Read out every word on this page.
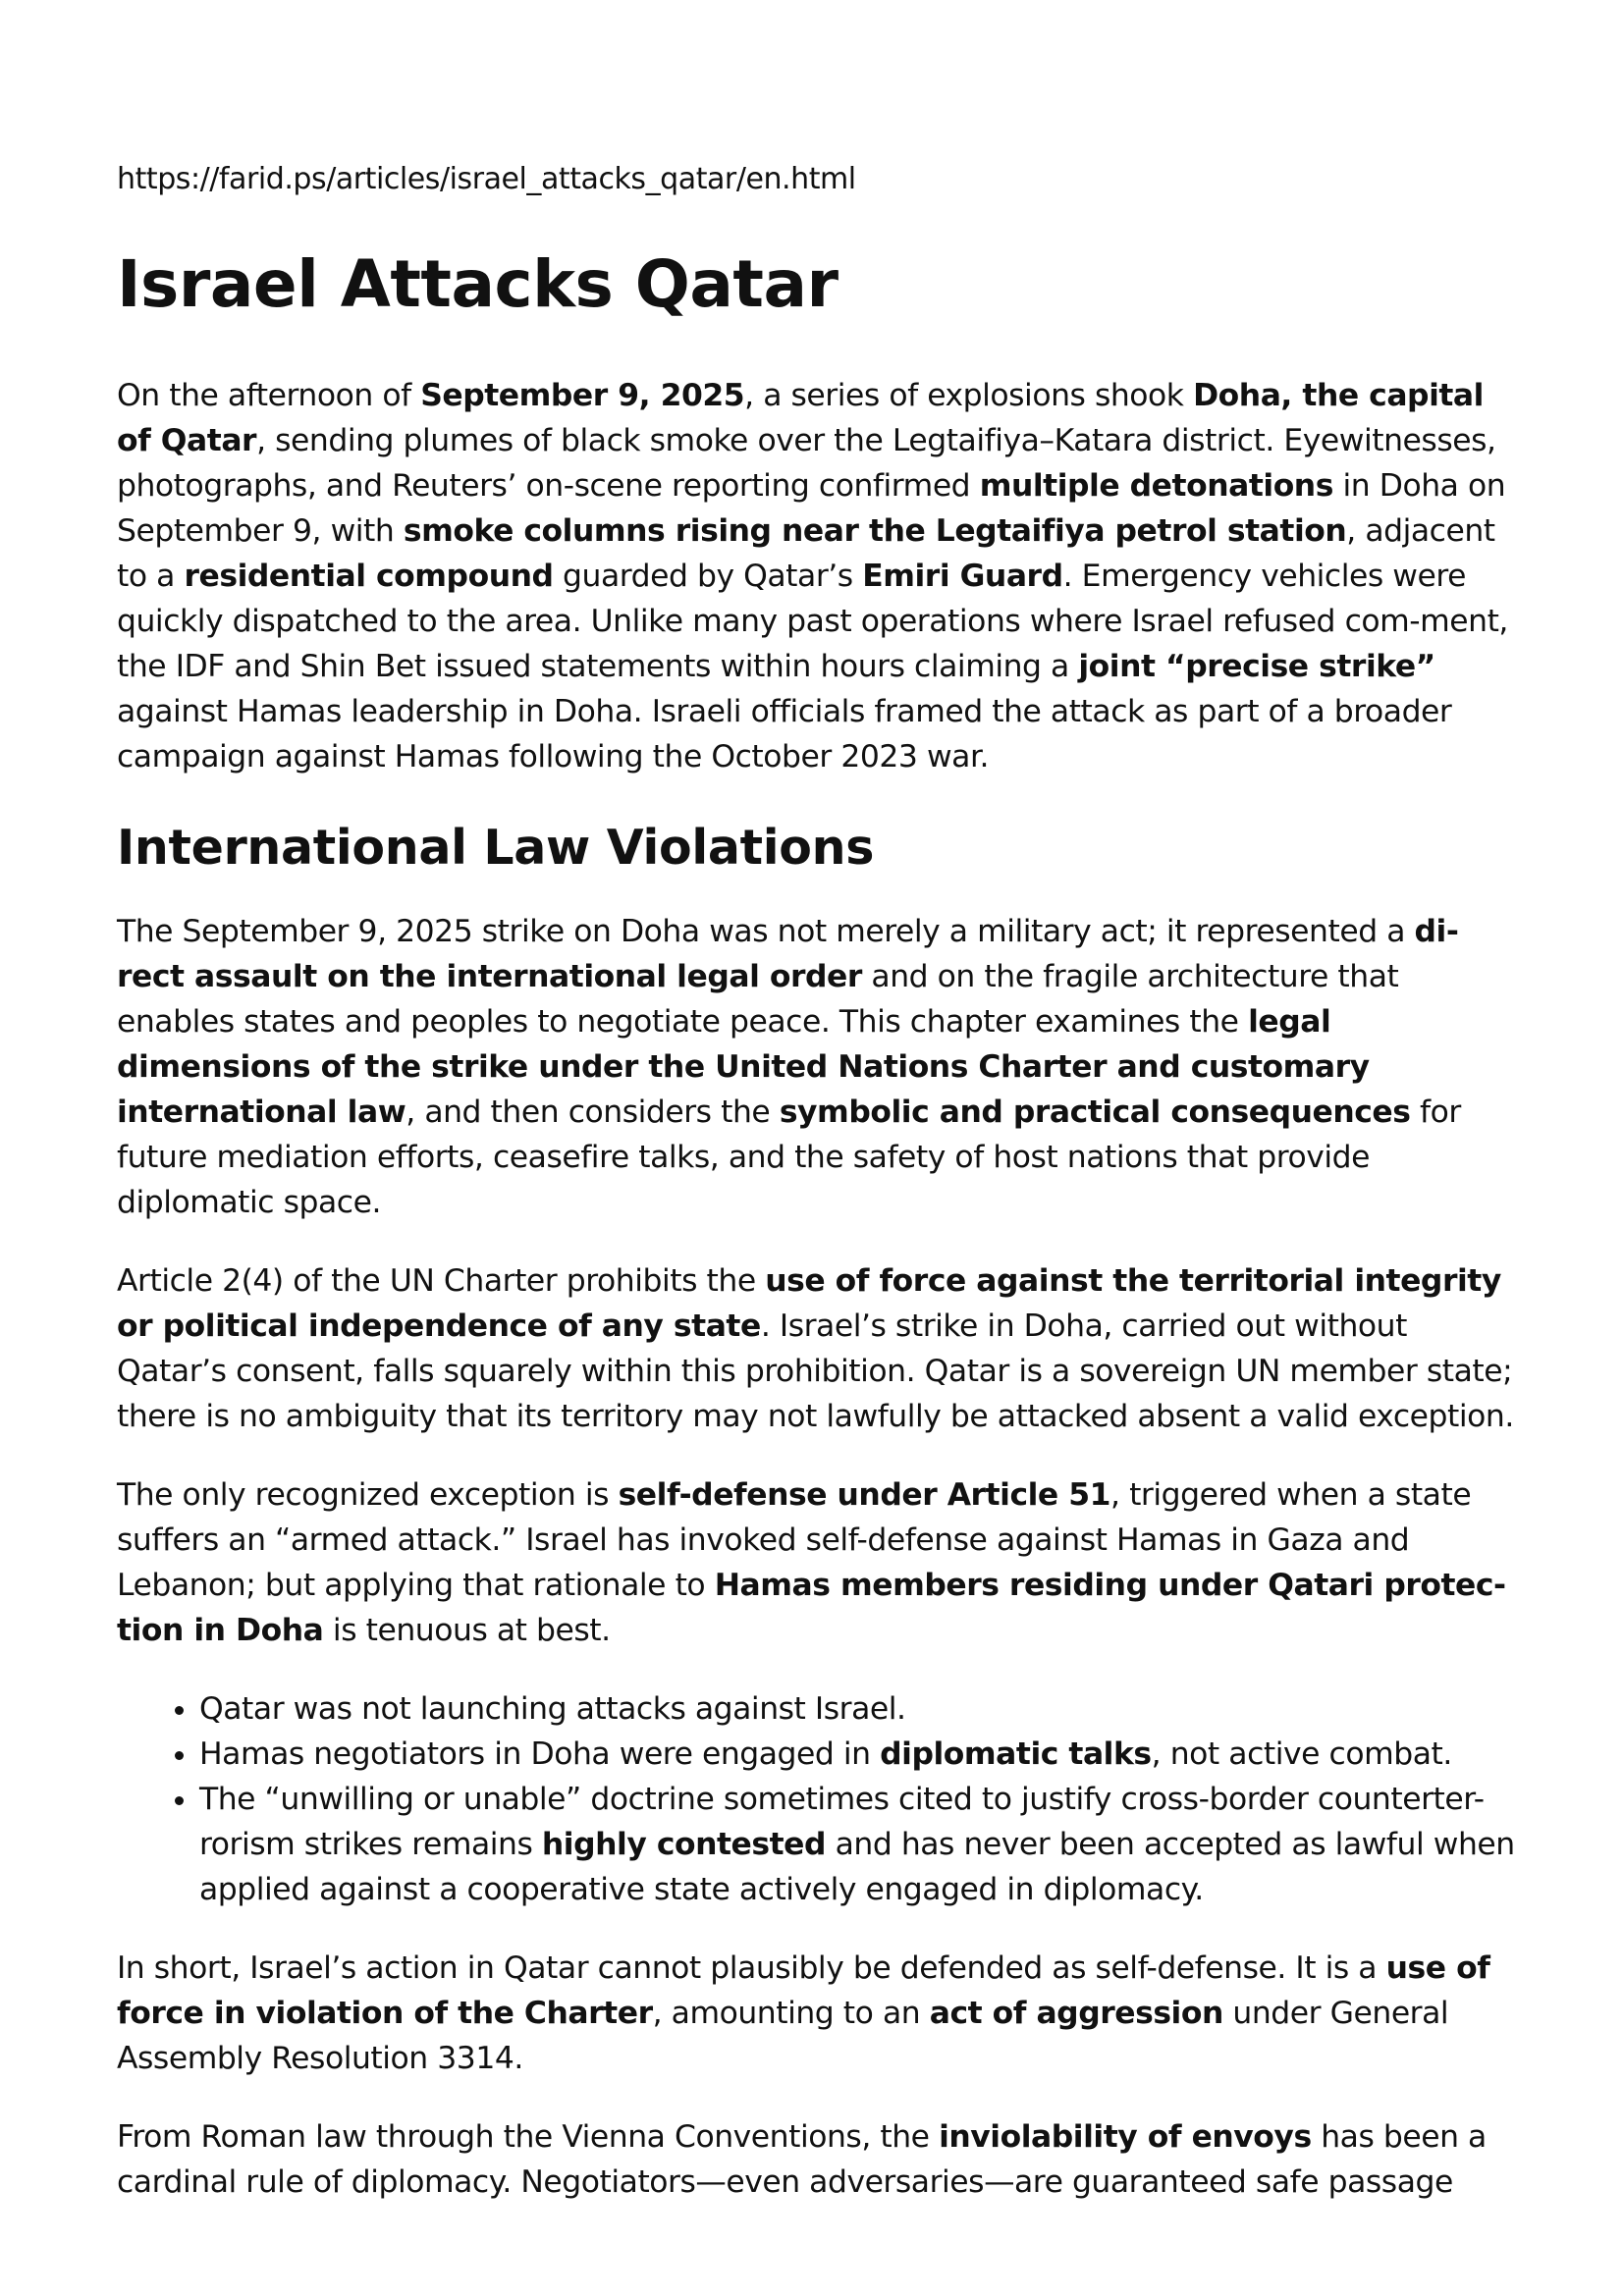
https://farid.ps/articles/israel_attacks_qatar/en.html

Israel Attacks Qatar

On the afternoon of September 9, 2025, a series of explosions shook Doha, the capital of Qatar, sending plumes of black smoke over the Legtaifiya–Katara district. Eyewitnesses, photographs, and Reuters’ on-scene reporting confirmed multiple detonations in Doha on September 9, with smoke columns rising near the Legtaifiya petrol station, adjacent to a residential compound guarded by Qatar’s Emiri Guard. Emergency vehicles were quickly dispatched to the area. Unlike many past operations where Israel refused com-ment, the IDF and Shin Bet issued statements within hours claiming a joint “precise strike” against Hamas leadership in Doha. Israeli officials framed the attack as part of a broader campaign against Hamas following the October 2023 war.

International Law Violations

The September 9, 2025 strike on Doha was not merely a military act; it represented a di-rect assault on the international legal order and on the fragile architecture that enables states and peoples to negotiate peace. This chapter examines the legal dimensions of the strike under the United Nations Charter and customary international law, and then considers the symbolic and practical consequences for future mediation efforts, ceasefire talks, and the safety of host nations that provide diplomatic space.

Article 2(4) of the UN Charter prohibits the use of force against the territorial integrity or political independence of any state. Israel’s strike in Doha, carried out without Qatar’s consent, falls squarely within this prohibition. Qatar is a sovereign UN member state; there is no ambiguity that its territory may not lawfully be attacked absent a valid exception.

The only recognized exception is self-defense under Article 51, triggered when a state suffers an “armed attack.” Israel has invoked self-defense against Hamas in Gaza and Lebanon; but applying that rationale to Hamas members residing under Qatari protec-tion in Doha is tenuous at best.

• Qatar was not launching attacks against Israel.
• Hamas negotiators in Doha were engaged in diplomatic talks, not active combat.
• The “unwilling or unable” doctrine sometimes cited to justify cross-border counterter-rorism strikes remains highly contested and has never been accepted as lawful when applied against a cooperative state actively engaged in diplomacy.

In short, Israel’s action in Qatar cannot plausibly be defended as self-defense. It is a use of force in violation of the Charter, amounting to an act of aggression under General Assembly Resolution 3314.

From Roman law through the Vienna Conventions, the inviolability of envoys has been a cardinal rule of diplomacy. Negotiators—even adversaries—are guaranteed safe passage
